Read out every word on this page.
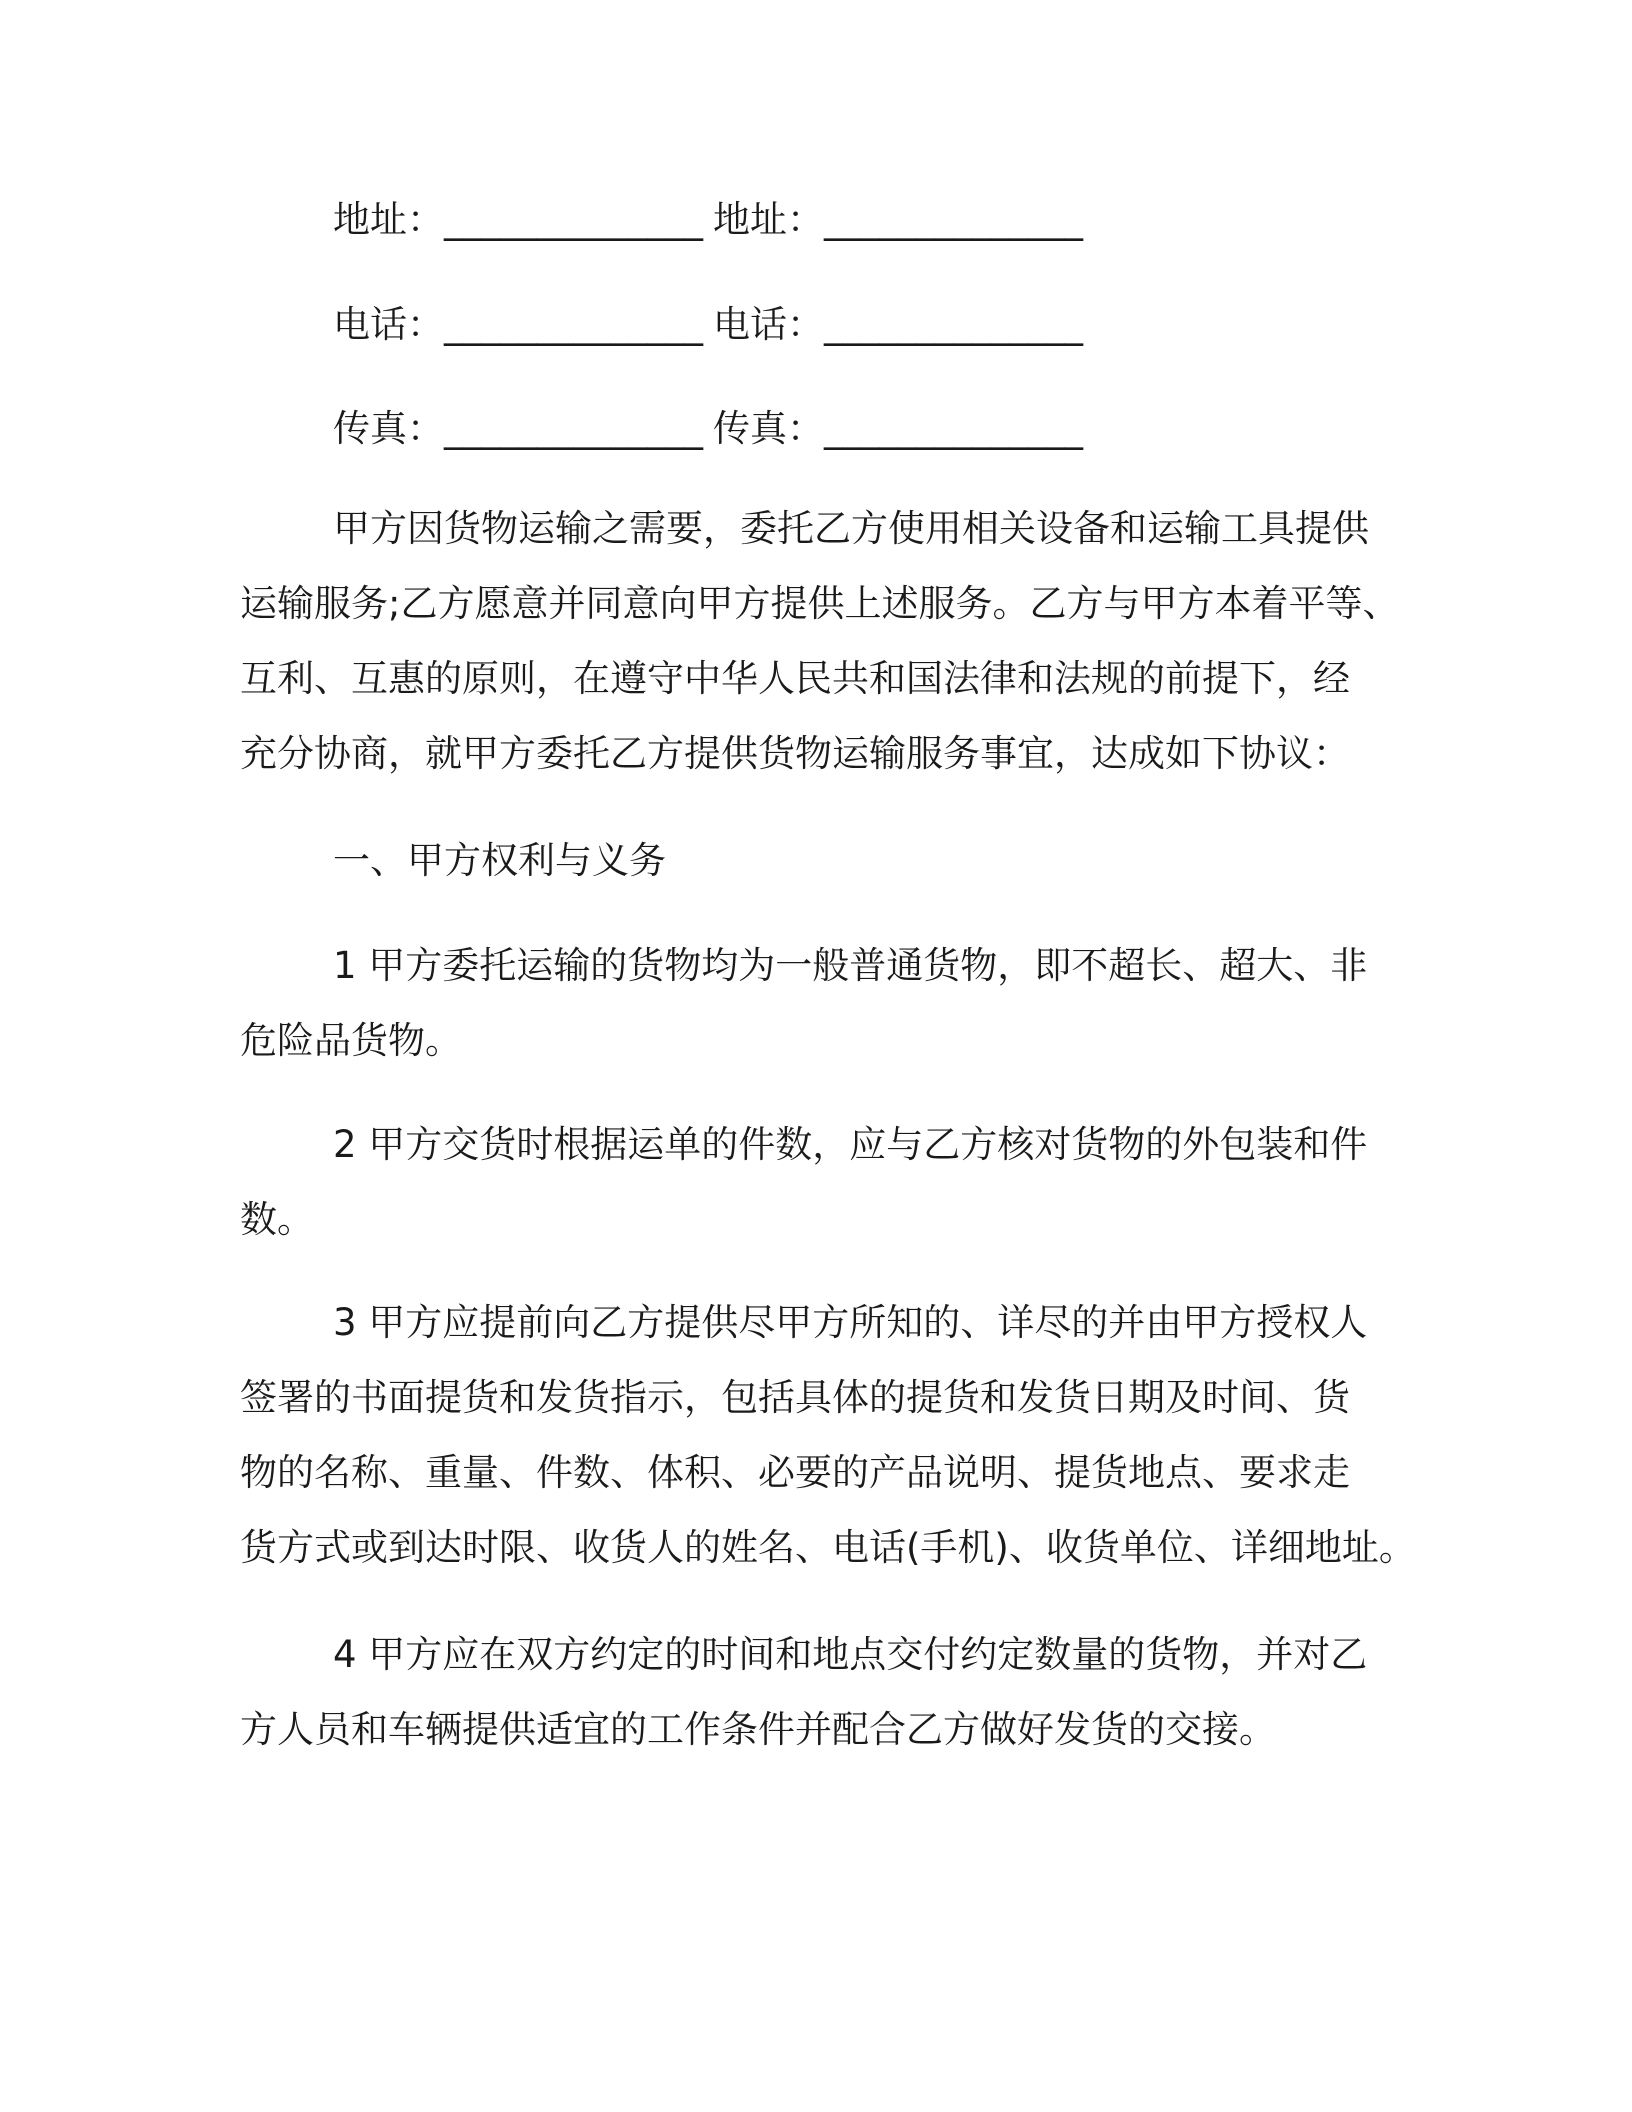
地址：______________ 地址：______________
电话：______________ 电话：______________
传真：______________ 传真：______________
甲方因货物运输之需要，委托乙方使用相关设备和运输工具提供
运输服务;乙方愿意并同意向甲方提供上述服务。乙方与甲方本着平等、
互利、互惠的原则，在遵守中华人民共和国法律和法规的前提下，经
充分协商，就甲方委托乙方提供货物运输服务事宜，达成如下协议：
一、甲方权利与义务
1 甲方委托运输的货物均为一般普通货物，即不超长、超大、非
危险品货物。
2 甲方交货时根据运单的件数，应与乙方核对货物的外包装和件
数。
3 甲方应提前向乙方提供尽甲方所知的、详尽的并由甲方授权人
签署的书面提货和发货指示，包括具体的提货和发货日期及时间、货
物的名称、重量、件数、体积、必要的产品说明、提货地点、要求走
货方式或到达时限、收货人的姓名、电话(手机)、收货单位、详细地址。
4 甲方应在双方约定的时间和地点交付约定数量的货物，并对乙
方人员和车辆提供适宜的工作条件并配合乙方做好发货的交接。
